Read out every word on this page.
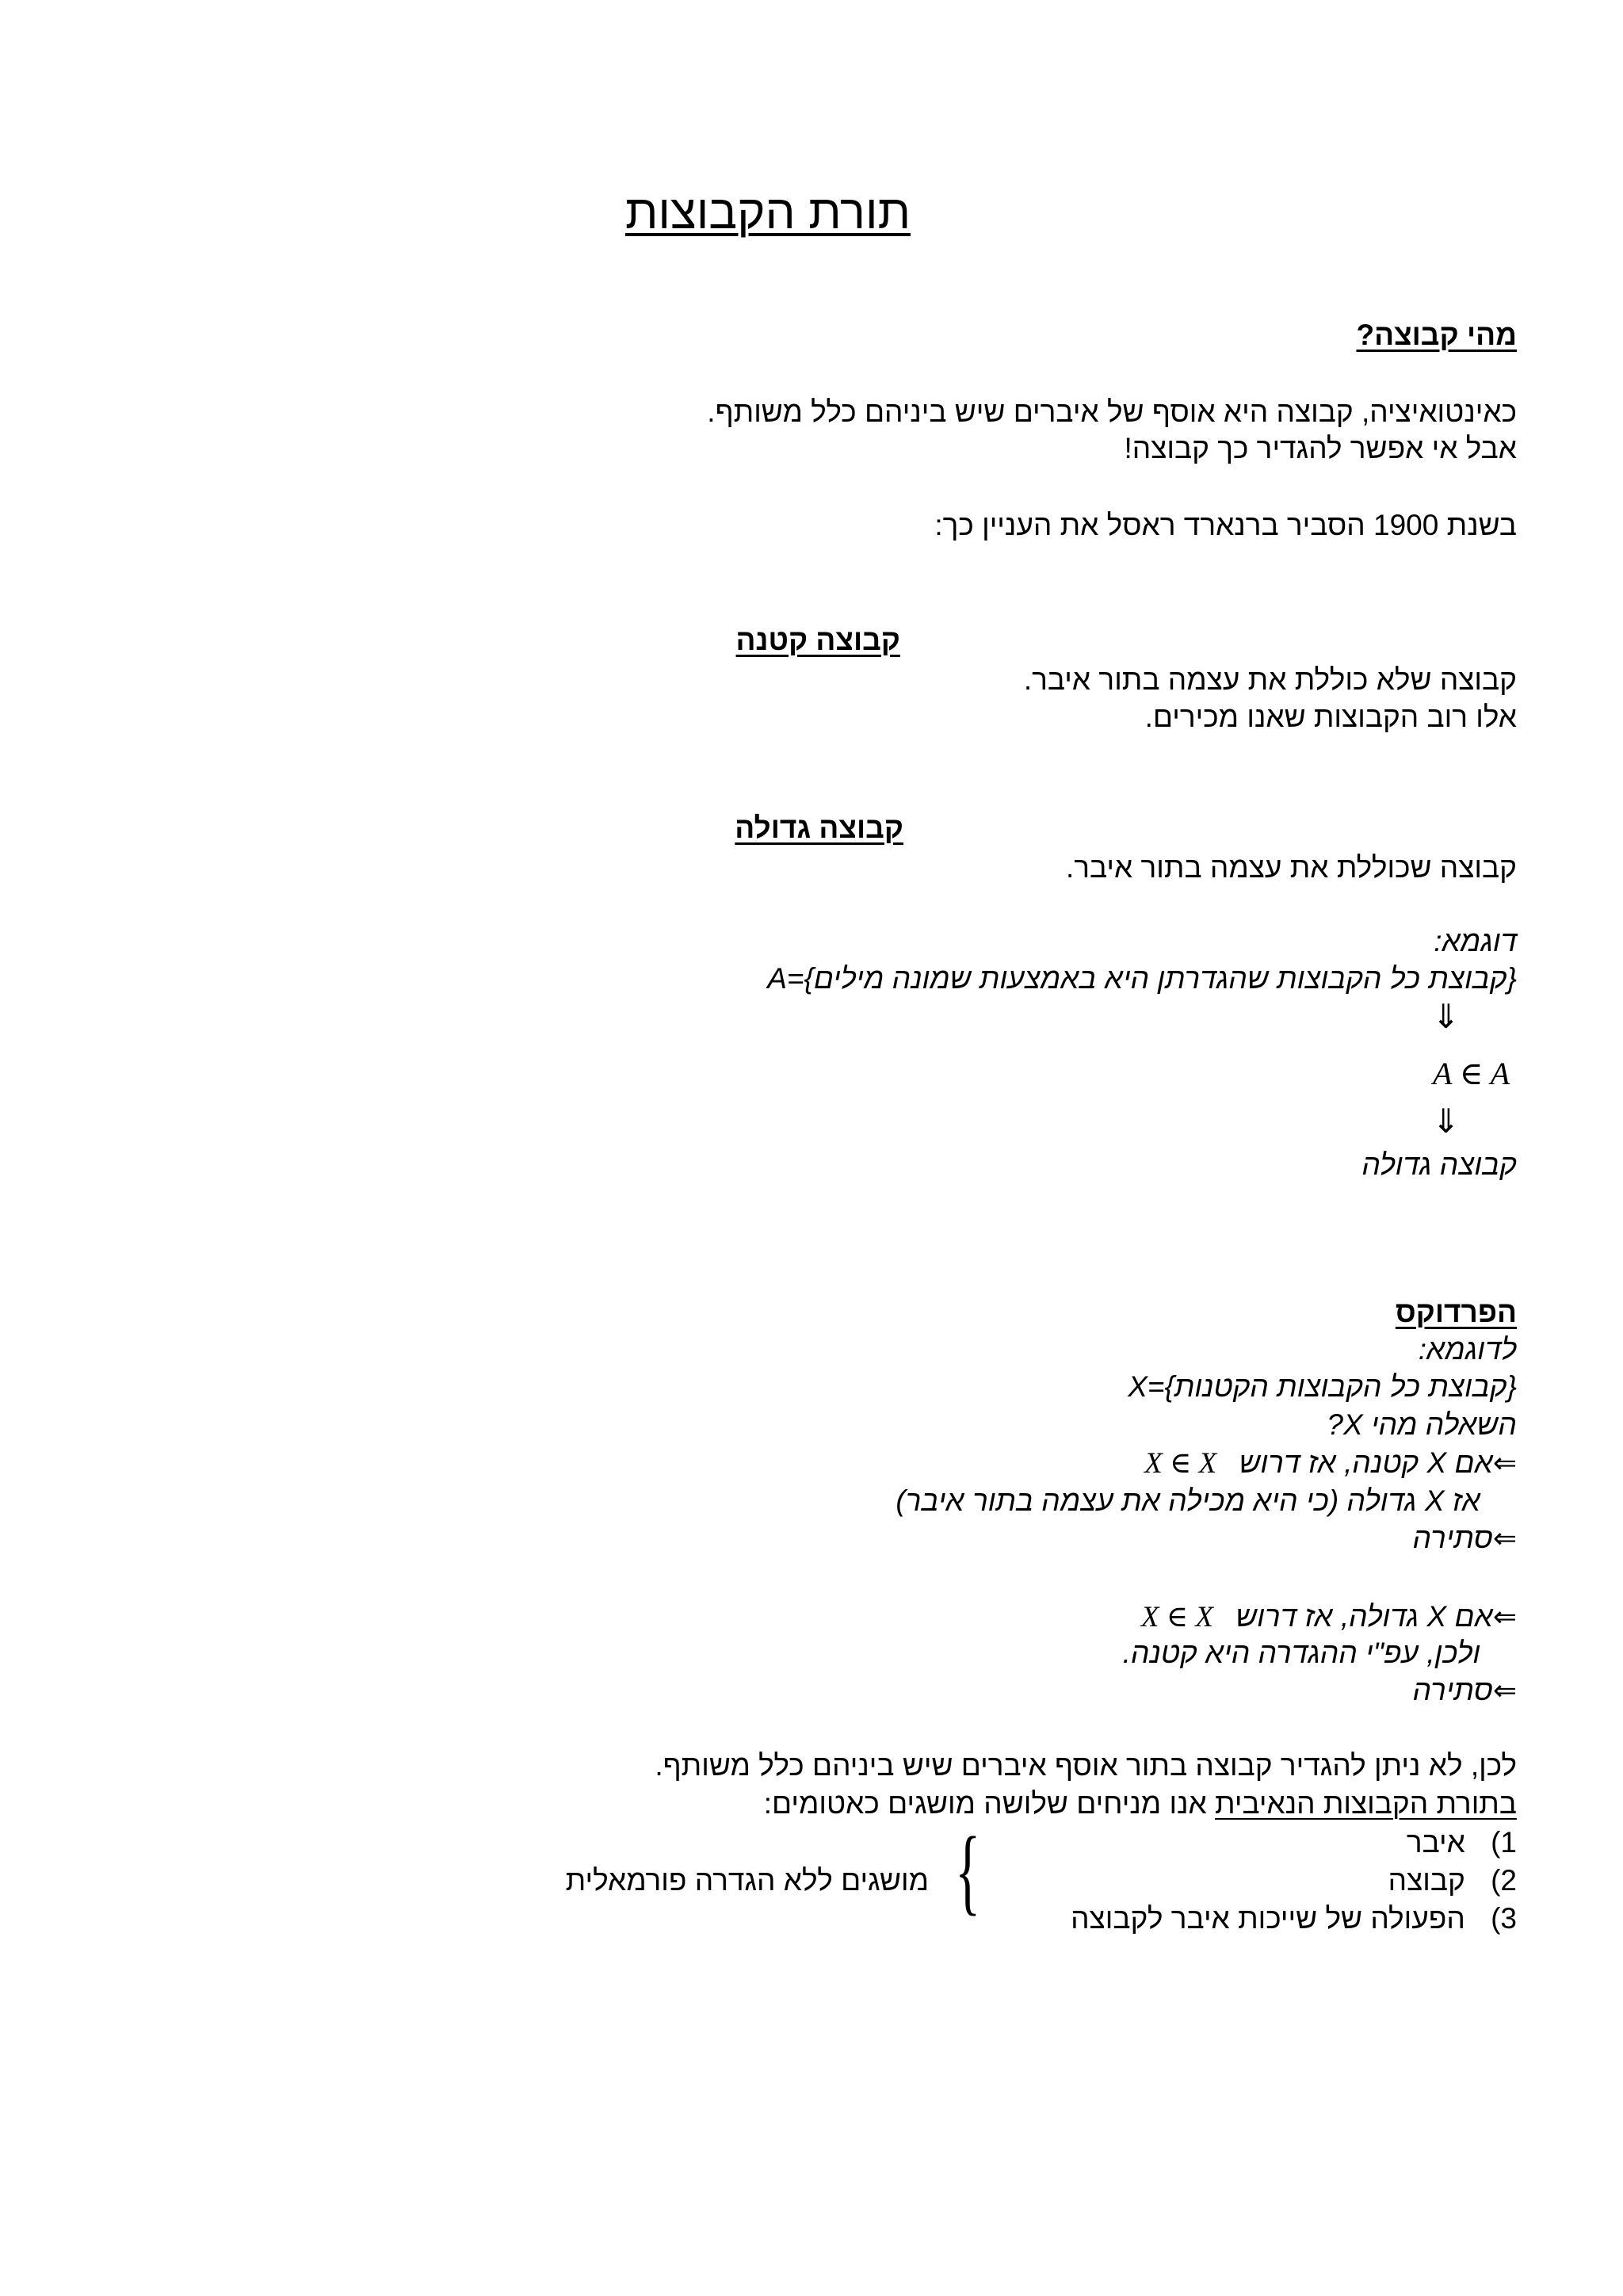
תורת הקבוצות
מהי קבוצה?
כאינטואיציה, קבוצה היא אוסף של איברים שיש ביניהם כלל משותף.
אבל אי אפשר להגדיר כך קבוצה!
בשנת 1900 הסביר ברנארד ראסל את העניין כך:
קבוצה קטנה
קבוצה שלא כוללת את עצמה בתור איבר.
אלו רוב הקבוצות שאנו מכירים.
קבוצה גדולה
קבוצה שכוללת את עצמה בתור איבר.
דוגמא:
{קבוצת כל הקבוצות שהגדרתן היא באמצעות שמונה מילים}A=
⇓
A ∈ A
⇓
קבוצה גדולה
הפרדוקס
לדוגמא:
{קבוצת כל הקבוצות הקטנות}X=
השאלה מהי X?
⇐אם X קטנה, אז דרוש X ∈ X
אז X גדולה (כי היא מכילה את עצמה בתור איבר)
⇐סתירה
⇐אם X גדולה, אז דרוש X ∈ X
ולכן, עפ"י ההגדרה היא קטנה.
⇐סתירה
לכן, לא ניתן להגדיר קבוצה בתור אוסף איברים שיש ביניהם כלל משותף.
בתורת הקבוצות הנאיבית אנו מניחים שלושה מושגים כאטומים:
1) איבר
2) קבוצה
3) הפעולה של שייכות איבר לקבוצה
{
מושגים ללא הגדרה פורמאלית
